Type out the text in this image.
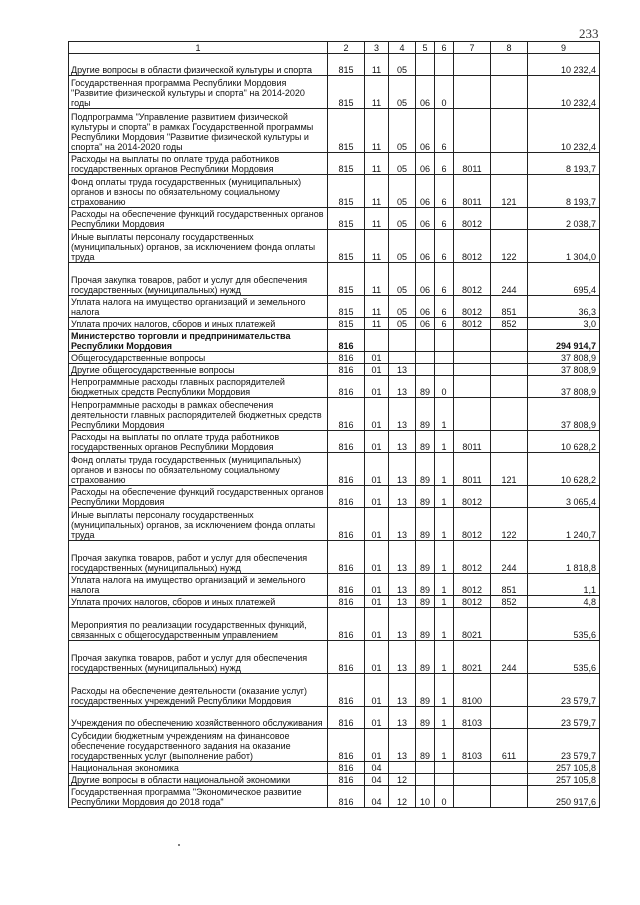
233
1	2	3	4	5	6	7	8	9
Другие вопросы в области физической культуры и спорта	815	11	05					10 232,4
Государственная программа Республики Мордовия "Развитие физической культуры и спорта" на 2014-2020 годы	815	11	05	06	0			10 232,4
Подпрограмма "Управление развитием физической культуры и спорта" в рамках Государственной программы Республики Мордовия "Развитие физической культуры и спорта" на 2014-2020 годы	815	11	05	06	6			10 232,4
Расходы на выплаты по оплате труда работников государственных органов Республики Мордовия	815	11	05	06	6	8011		8 193,7
Фонд оплаты труда государственных (муниципальных) органов и взносы по обязательному социальному страхованию	815	11	05	06	6	8011	121	8 193,7
Расходы на обеспечение функций государственных органов Республики Мордовия	815	11	05	06	6	8012		2 038,7
Иные выплаты персоналу государственных (муниципальных) органов, за исключением фонда оплаты труда	815	11	05	06	6	8012	122	1 304,0
Прочая закупка товаров, работ и услуг для обеспечения государственных (муниципальных) нужд	815	11	05	06	6	8012	244	695,4
Уплата налога на имущество организаций и земельного налога	815	11	05	06	6	8012	851	36,3
Уплата прочих налогов, сборов и иных платежей	815	11	05	06	6	8012	852	3,0
Министерство торговли и предпринимательства Республики Мордовия	816							294 914,7
Общегосударственные вопросы	816	01						37 808,9
Другие общегосударственные вопросы	816	01	13					37 808,9
Непрограммные расходы главных распорядителей бюджетных средств Республики Мордовия	816	01	13	89	0			37 808,9
Непрограммные расходы в рамках обеспечения деятельности главных распорядителей бюджетных средств Республики Мордовия	816	01	13	89	1			37 808,9
Расходы на выплаты по оплате труда работников государственных органов Республики Мордовия	816	01	13	89	1	8011		10 628,2
Фонд оплаты труда государственных (муниципальных) органов и взносы по обязательному социальному страхованию	816	01	13	89	1	8011	121	10 628,2
Расходы на обеспечение функций государственных органов Республики Мордовия	816	01	13	89	1	8012		3 065,4
Иные выплаты персоналу государственных (муниципальных) органов, за исключением фонда оплаты труда	816	01	13	89	1	8012	122	1 240,7
Прочая закупка товаров, работ и услуг для обеспечения государственных (муниципальных) нужд	816	01	13	89	1	8012	244	1 818,8
Уплата налога на имущество организаций и земельного налога	816	01	13	89	1	8012	851	1,1
Уплата прочих налогов, сборов и иных платежей	816	01	13	89	1	8012	852	4,8
Мероприятия по реализации государственных функций, связанных с общегосударственным управлением	816	01	13	89	1	8021		535,6
Прочая закупка товаров, работ и услуг для обеспечения государственных (муниципальных) нужд	816	01	13	89	1	8021	244	535,6
Расходы на обеспечение деятельности (оказание услуг) государственных учреждений Республики Мордовия	816	01	13	89	1	8100		23 579,7
Учреждения по обеспечению хозяйственного обслуживания	816	01	13	89	1	8103		23 579,7
Субсидии бюджетным учреждениям на финансовое обеспечение государственного задания на оказание государственных услуг (выполнение работ)	816	01	13	89	1	8103	611	23 579,7
Национальная экономика	816	04						257 105,8
Другие вопросы в области национальной экономики	816	04	12					257 105,8
Государственная программа "Экономическое развитие Республики Мордовия до 2018 года"	816	04	12	10	0			250 917,6
